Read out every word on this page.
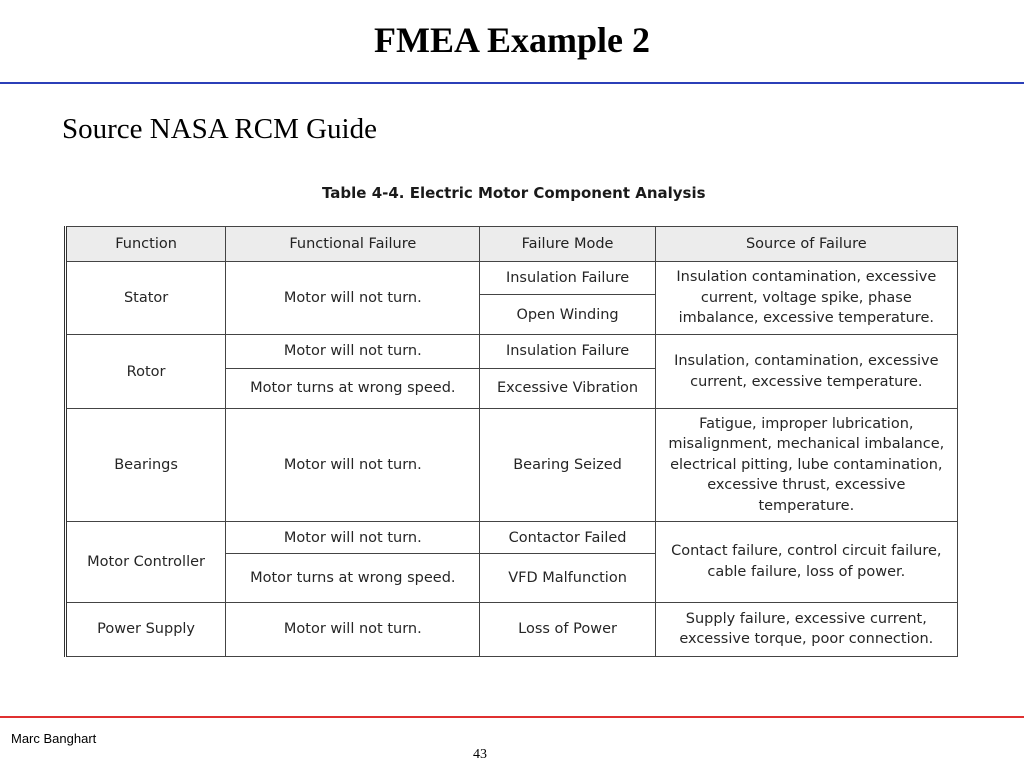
FMEA Example 2
Source NASA RCM Guide
Table 4-4. Electric Motor Component Analysis
Function	Functional Failure	Failure Mode	Source of Failure
Stator	Motor will not turn.	Insulation Failure	Insulation contamination, excessive current, voltage spike, phase imbalance, excessive temperature.
		Open Winding	
Rotor	Motor will not turn.	Insulation Failure	Insulation, contamination, excessive current, excessive temperature.
	Motor turns at wrong speed.	Excessive Vibration	
Bearings	Motor will not turn.	Bearing Seized	Fatigue, improper lubrication, misalignment, mechanical imbalance, electrical pitting, lube contamination, excessive thrust, excessive temperature.
Motor Controller	Motor will not turn.	Contactor Failed	Contact failure, control circuit failure, cable failure, loss of power.
	Motor turns at wrong speed.	VFD Malfunction	
Power Supply	Motor will not turn.	Loss of Power	Supply failure, excessive current, excessive torque, poor connection.
Marc Banghart
43
